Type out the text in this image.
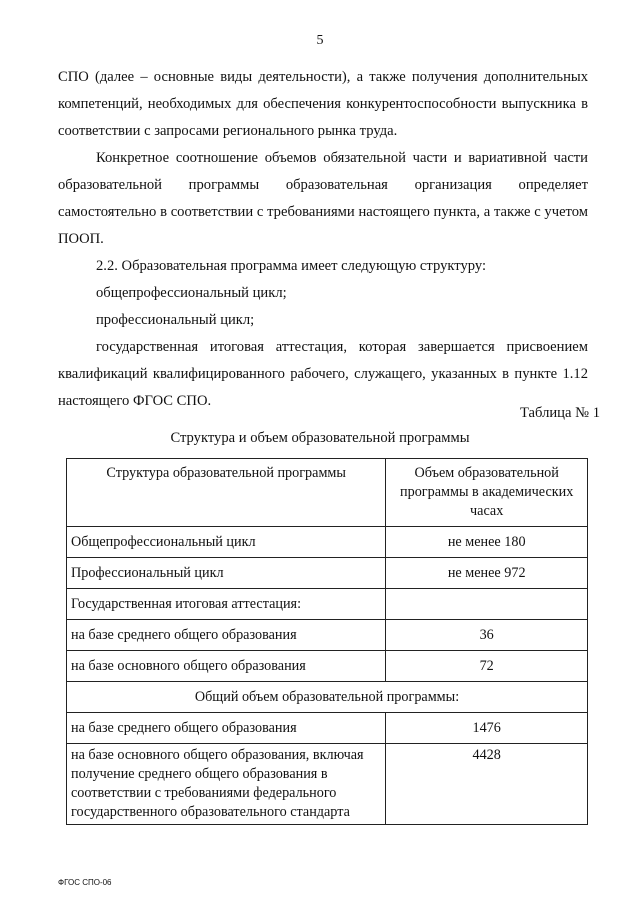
5

СПО (далее – основные виды деятельности), а также получения дополнительных компетенций, необходимых для обеспечения конкурентоспособности выпускника в соответствии с запросами регионального рынка труда.

Конкретное соотношение объемов обязательной части и вариативной части образовательной программы образовательная организация определяет самостоятельно в соответствии с требованиями настоящего пункта, а также с учетом ПООП.

2.2. Образовательная программа имеет следующую структуру:

общепрофессиональный цикл;

профессиональный цикл;

государственная итоговая аттестация, которая завершается присвоением квалификаций квалифицированного рабочего, служащего, указанных в пункте 1.12 настоящего ФГОС СПО.

Таблица № 1
Структура и объем образовательной программы
Структура образовательной программы	Объем образовательной программы в академических часах
Общепрофессиональный цикл	не менее 180
Профессиональный цикл	не менее 972
Государственная итоговая аттестация:	
на базе среднего общего образования	36
на базе основного общего образования	72
Общий объем образовательной программы:	
на базе среднего общего образования	1476
на базе основного общего образования, включая получение среднего общего образования в соответствии с требованиями федерального государственного образовательного стандарта	4428
ФГОС СПО-06
